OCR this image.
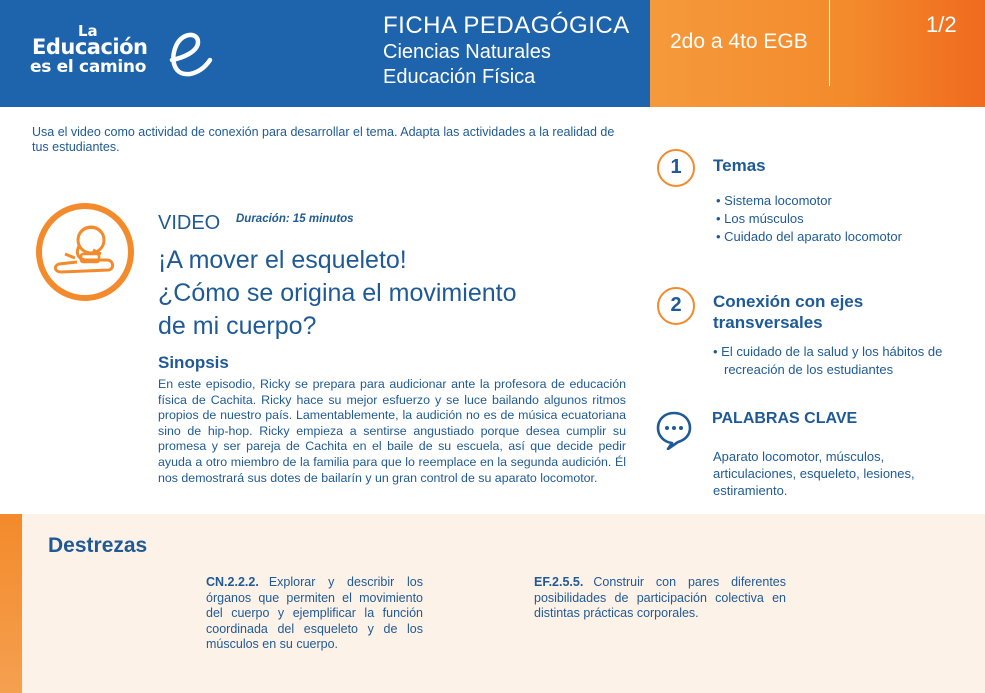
La
Educación
es el camino
FICHA PEDAGÓGICA
Ciencias Naturales
Educación Física
2do a 4to EGB
1/2
Usa el video como actividad de conexión para desarrollar el tema. Adapta las actividades a la realidad de tus estudiantes.
VIDEO Duración: 15 minutos
¡A mover el esqueleto!
¿Cómo se origina el movimiento
de mi cuerpo?
Sinopsis
En este episodio, Ricky se prepara para audicionar ante la profesora de educación física de Cachita. Ricky hace su mejor esfuerzo y se luce bailando algunos ritmos propios de nuestro país. Lamentablemente, la audición no es de música ecuatoriana sino de hip-hop. Ricky empieza a sentirse angustiado porque desea cumplir su promesa y ser pareja de Cachita en el baile de su escuela, así que decide pedir ayuda a otro miembro de la familia para que lo reemplace en la segunda audición. Él nos demostrará sus dotes de bailarín y un gran control de su aparato locomotor.
1	Temas
• Sistema locomotor
• Los músculos
• Cuidado del aparato locomotor
2	Conexión con ejes
transversales
• El cuidado de la salud y los hábitos de recreación de los estudiantes
PALABRAS CLAVE
Aparato locomotor, músculos, articulaciones, esqueleto, lesiones, estiramiento.
Destrezas
CN.2.2.2. Explorar y describir los órganos que permiten el movimiento del cuerpo y ejemplificar la función coordinada del esqueleto y de los músculos en su cuerpo.
EF.2.5.5. Construir con pares diferentes posibilidades de participación colectiva en distintas prácticas corporales.
